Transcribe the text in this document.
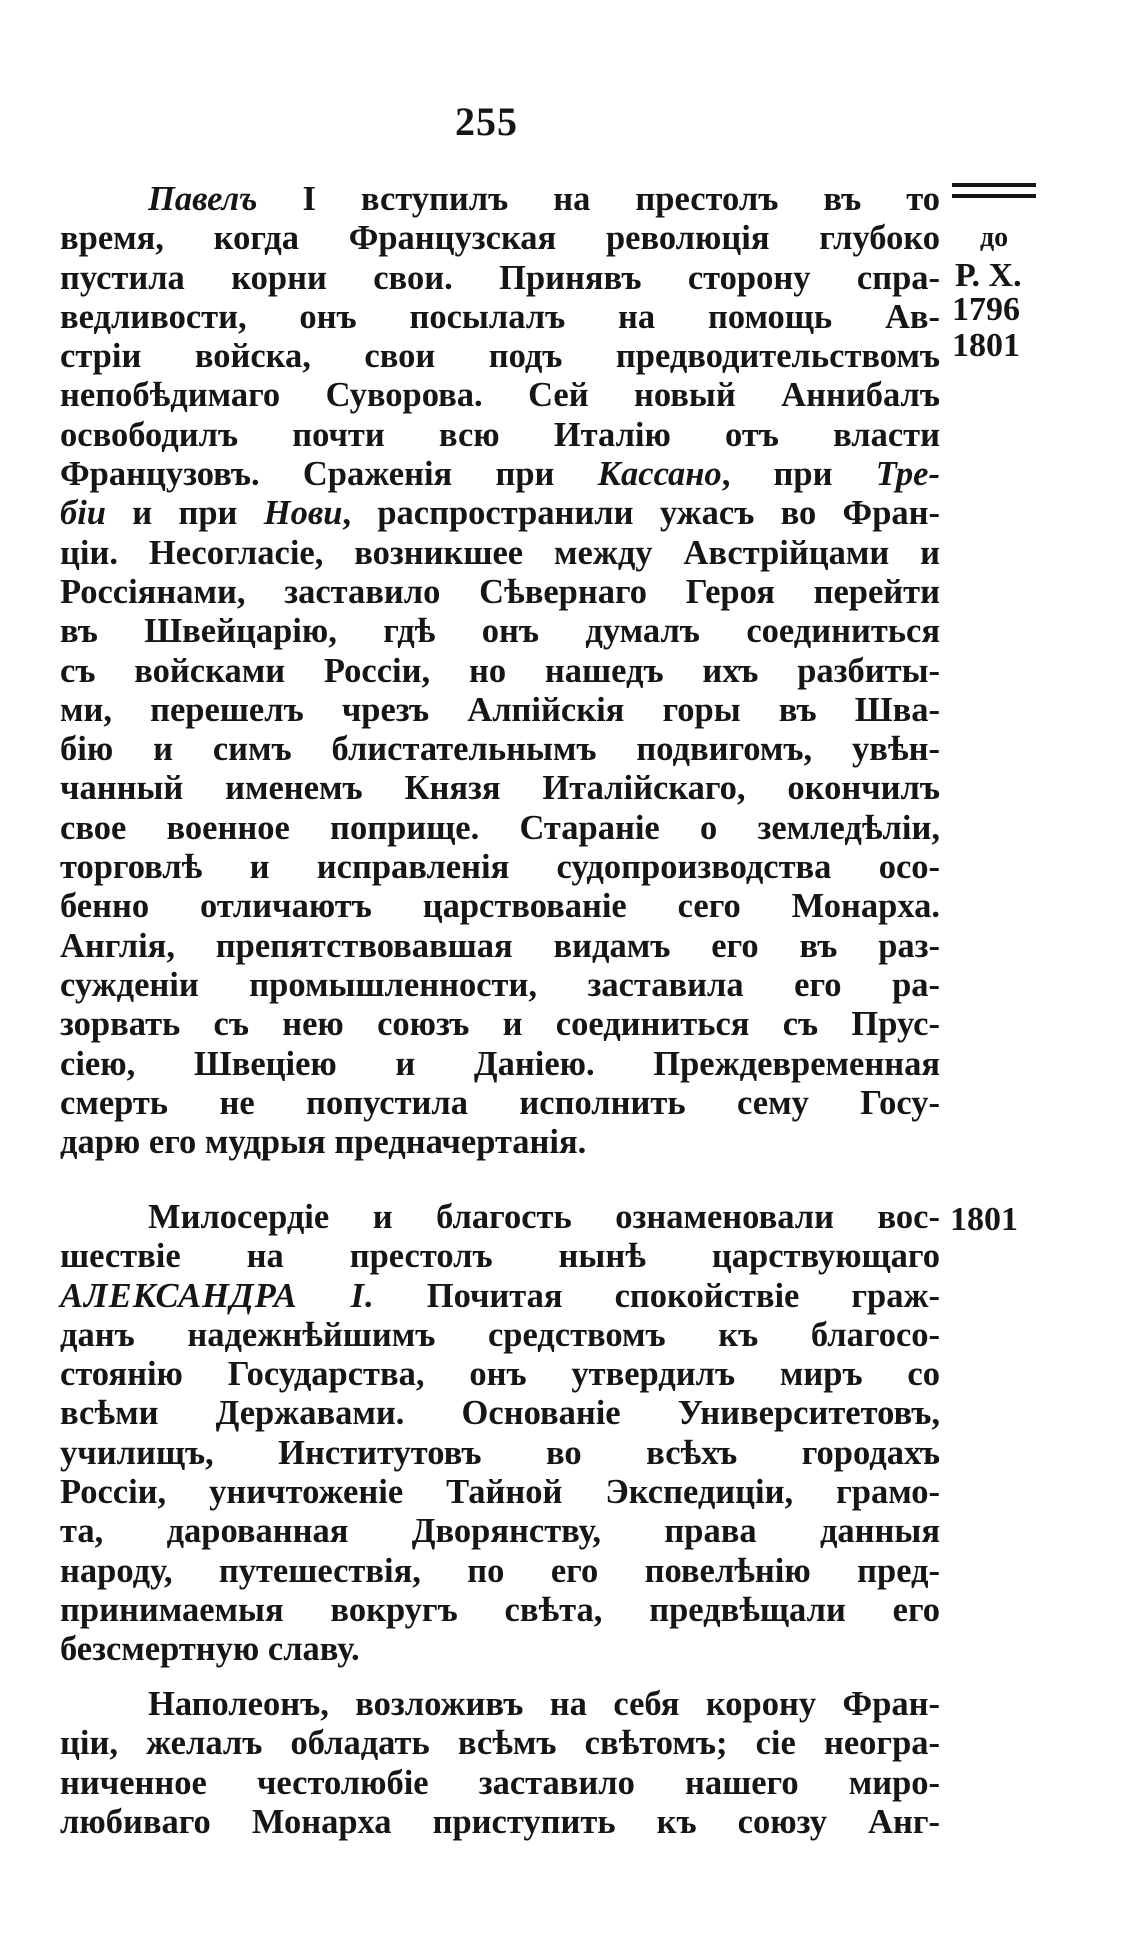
255
до
Р. Х.
1796
1801
1801
Павелъ I вступилъ на престолъ въ то
время, когда Французская революція глубоко
пустила корни свои. Принявъ сторону спра-
ведливости, онъ посылалъ на помощь Ав-
стріи войска, свои подъ предводительствомъ
непобѣдимаго Суворова. Сей новый Аннибалъ
освободилъ почти всю Италію отъ власти
Французовъ. Сраженія при Кассано, при Тре-
біи и при Нови, распространили ужасъ во Фран-
ціи. Несогласіе, возникшее между Австрійцами и
Россіянами, заставило Сѣвернаго Героя перейти
въ Швейцарію, гдѣ онъ думалъ соединиться
съ войсками Россіи, но нашедъ ихъ разбиты-
ми, перешелъ чрезъ Алпійскія горы въ Шва-
бію и симъ блистательнымъ подвигомъ, увѣн-
чанный именемъ Князя Италійскаго, окончилъ
свое военное поприще. Стараніе о земледѣліи,
торговлѣ и исправленія судопроизводства осо-
бенно отличаютъ царствованіе сего Монарха.
Англія, препятствовавшая видамъ его въ раз-
сужденіи промышленности, заставила его ра-
зорвать съ нею союзъ и соединиться съ Прус-
сіею, Швеціею и Даніею. Преждевременная
смерть не попустила исполнить сему Госу-
дарю его мудрыя предначертанія.
Милосердіе и благость ознаменовали вос-
шествіе на престолъ нынѣ царствующаго
АЛЕКСАНДРА I. Почитая спокойствіе граж-
данъ надежнѣйшимъ средствомъ къ благосо-
стоянію Государства, онъ утвердилъ миръ со
всѣми Державами. Основаніе Университетовъ,
училищъ, Институтовъ во всѣхъ городахъ
Россіи, уничтоженіе Тайной Экспедиціи, грамо-
та, дарованная Дворянству, права данныя
народу, путешествія, по его повелѣнію пред-
принимаемыя вокругъ свѣта, предвѣщали его
безсмертную славу.
Наполеонъ, возложивъ на себя корону Фран-
ціи, желалъ обладать всѣмъ свѣтомъ; сіе неогра-
ниченное честолюбіе заставило нашего миро-
любиваго Монарха приступить къ союзу Анг-
